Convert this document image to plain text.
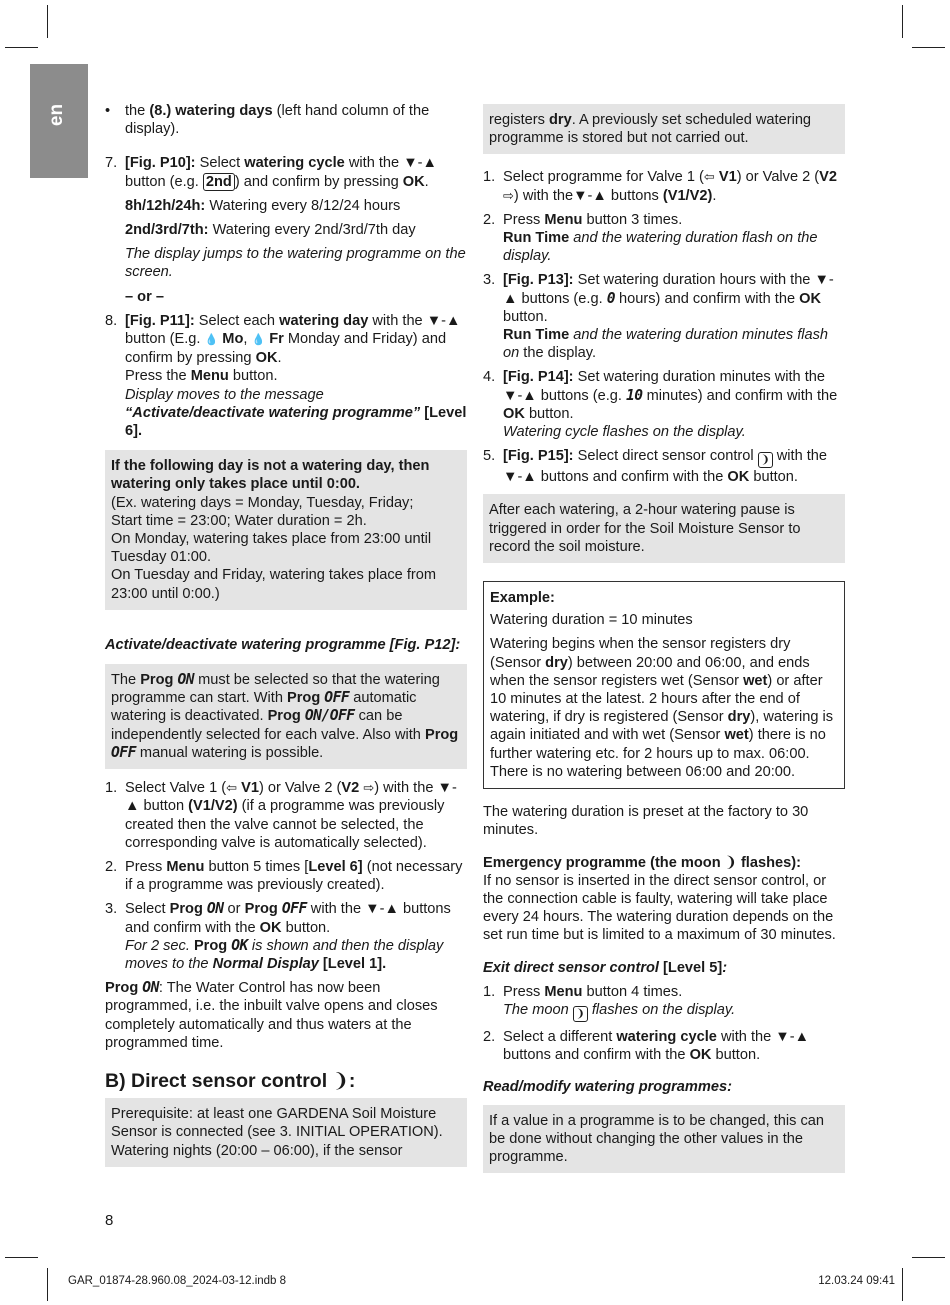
en	•	the (8.) watering days (left hand column of the display).
7. [Fig. P10]: Select watering cycle with the ▼-▲ button (e.g. 2nd ) and confirm by pressing OK.

8h/12h/24h: Watering every 8/12/24 hours

2nd/3rd/7th: Watering every 2nd/3rd/7th day

The display jumps to the watering programme on the screen.

– or –

8. [Fig. P11]: Select each watering day with the ▼-▲ button (E.g. 💧 Mo, 💧 Fr Monday and Friday) and confirm by pressing OK.

Press the Menu button.

Display moves to the message “Activate/deactivate watering programme” [Level 6].

If the following day is not a watering day, then watering only takes place until 0:00.

(Ex. watering days = Monday, Tuesday, Friday;

Start time = 23:00; Water duration = 2h.

On Monday, watering takes place from 23:00 until Tuesday 01:00.

On Tuesday and Friday, watering takes place from 23:00 until 0:00.)

Activate/deactivate watering programme [Fig. P12]:

The Prog ON must be selected so that the watering programme can start. With Prog OFF automatic watering is deactivated. Prog ON/OFF can be independently selected for each valve. Also with Prog OFF manual watering is possible.

1. Select Valve 1 (⇦ V1) or Valve 2 (V2 ⇨) with the ▼-▲ button (V1/V2) (if a programme was previously created then the valve cannot be selected, the corresponding valve is automatically selected).
2. Press Menu button 5 times [Level 6] (not necessary if a programme was previously created).
3. Select Prog ON or Prog OFF with the ▼-▲ buttons and confirm with the OK button.

For 2 sec. Prog OK is shown and then the display moves to the Normal Display [Level 1].

Prog ON: The Water Control has now been programmed, i.e. the inbuilt valve opens and closes completely automatically and thus waters at the programmed time.

B) Direct sensor control ❩:

Prerequisite: at least one GARDENA Soil Moisture Sensor is connected (see 3. INITIAL OPERATION). Watering nights (20:00 – 06:00), if the sensor

registers dry. A previously set scheduled watering programme is stored but not carried out.

1. Select programme for Valve 1 (⇦ V1) or Valve 2 (V2 ⇨) with the▼-▲ buttons (V1/V2).
2. Press Menu button 3 times.

Run Time and the watering duration flash on the display.

3. [Fig. P13]: Set watering duration hours with the ▼-▲ buttons (e.g. 0 hours) and confirm with the OK button.

Run Time and the watering duration minutes flash on the display.

4. [Fig. P14]: Set watering duration minutes with the ▼-▲ buttons (e.g. 10 minutes) and confirm with the OK button.

Watering cycle flashes on the display.

5. [Fig. P15]: Select direct sensor control ❩ with the ▼-▲ buttons and confirm with the OK button.

After each watering, a 2-hour watering pause is triggered in order for the Soil Moisture Sensor to record the soil moisture.

Example:

Watering duration = 10 minutes

Watering begins when the sensor registers dry (Sensor dry) between 20:00 and 06:00, and ends when the sensor registers wet (Sensor wet) or after 10 minutes at the latest. 2 hours after the end of watering, if dry is registered (Sensor dry), watering is again initiated and with wet (Sensor wet) there is no further watering etc. for 2 hours up to max. 06:00. There is no watering between 06:00 and 20:00.

The watering duration is preset at the factory to 30 minutes.

Emergency programme (the moon ❩ flashes):

If no sensor is inserted in the direct sensor control, or the connection cable is faulty, watering will take place every 24 hours. The watering duration depends on the set run time but is limited to a maximum of 30 minutes.

Exit direct sensor control [Level 5]:

1. Press Menu button 4 times.

The moon ❩ flashes on the display.

2. Select a different watering cycle with the ▼-▲ buttons and confirm with the OK button.

Read/modify watering programmes:

If a value in a programme is to be changed, this can be done without changing the other values in the programme.

8
GAR_01874-28.960.08_2024-03-12.indb 8	12.03.24 09:41
